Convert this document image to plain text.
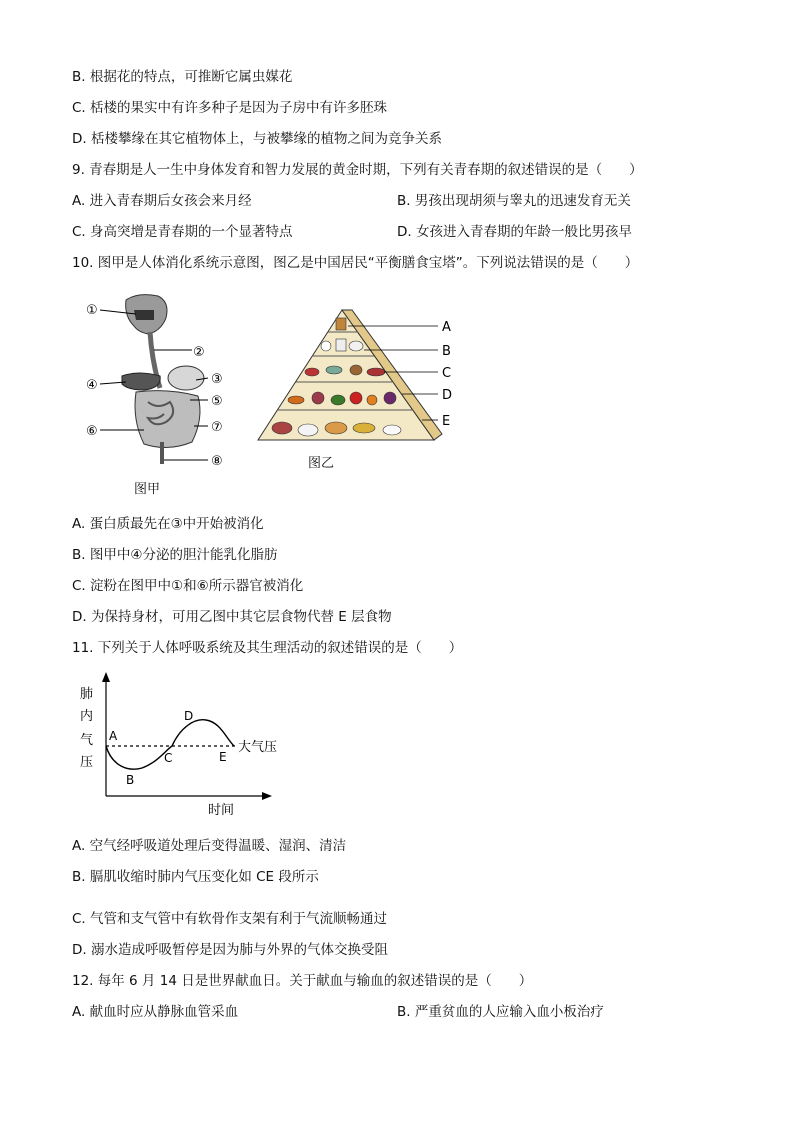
B. 根据花的特点，可推断它属虫媒花
C. 栝楼的果实中有许多种子是因为子房中有许多胚珠
D. 栝楼攀缘在其它植物体上，与被攀缘的植物之间为竞争关系
9. 青春期是人一生中身体发育和智力发展的黄金时期，下列有关青春期的叙述错误的是（　　）
A. 进入青春期后女孩会来月经	B. 男孩出现胡须与睾丸的迅速发育无关
C. 身高突增是青春期的一个显著特点	D. 女孩进入青春期的年龄一般比男孩早
10. 图甲是人体消化系统示意图，图乙是中国居民“平衡膳食宝塔”。下列说法错误的是（　　）
①
②
③
④
⑤
⑥	⑦
⑧
图甲
A
B
C
D
E
图乙
A. 蛋白质最先在③中开始被消化
B. 图甲中④分泌的胆汁能乳化脂肪
C. 淀粉在图甲中①和⑥所示器官被消化
D. 为保持身材，可用乙图中其它层食物代替 E 层食物
11. 下列关于人体呼吸系统及其生理活动的叙述错误的是（　　）
肺
内
气
压
A
B
C
D
E
大气压
时间
A. 空气经呼吸道处理后变得温暖、湿润、清洁
B. 膈肌收缩时肺内气压变化如 CE 段所示
C. 气管和支气管中有软骨作支架有利于气流顺畅通过
D. 溺水造成呼吸暂停是因为肺与外界的气体交换受阻
12. 每年 6 月 14 日是世界献血日。关于献血与输血的叙述错误的是（　　）
A. 献血时应从静脉血管采血	B. 严重贫血的人应输入血小板治疗
